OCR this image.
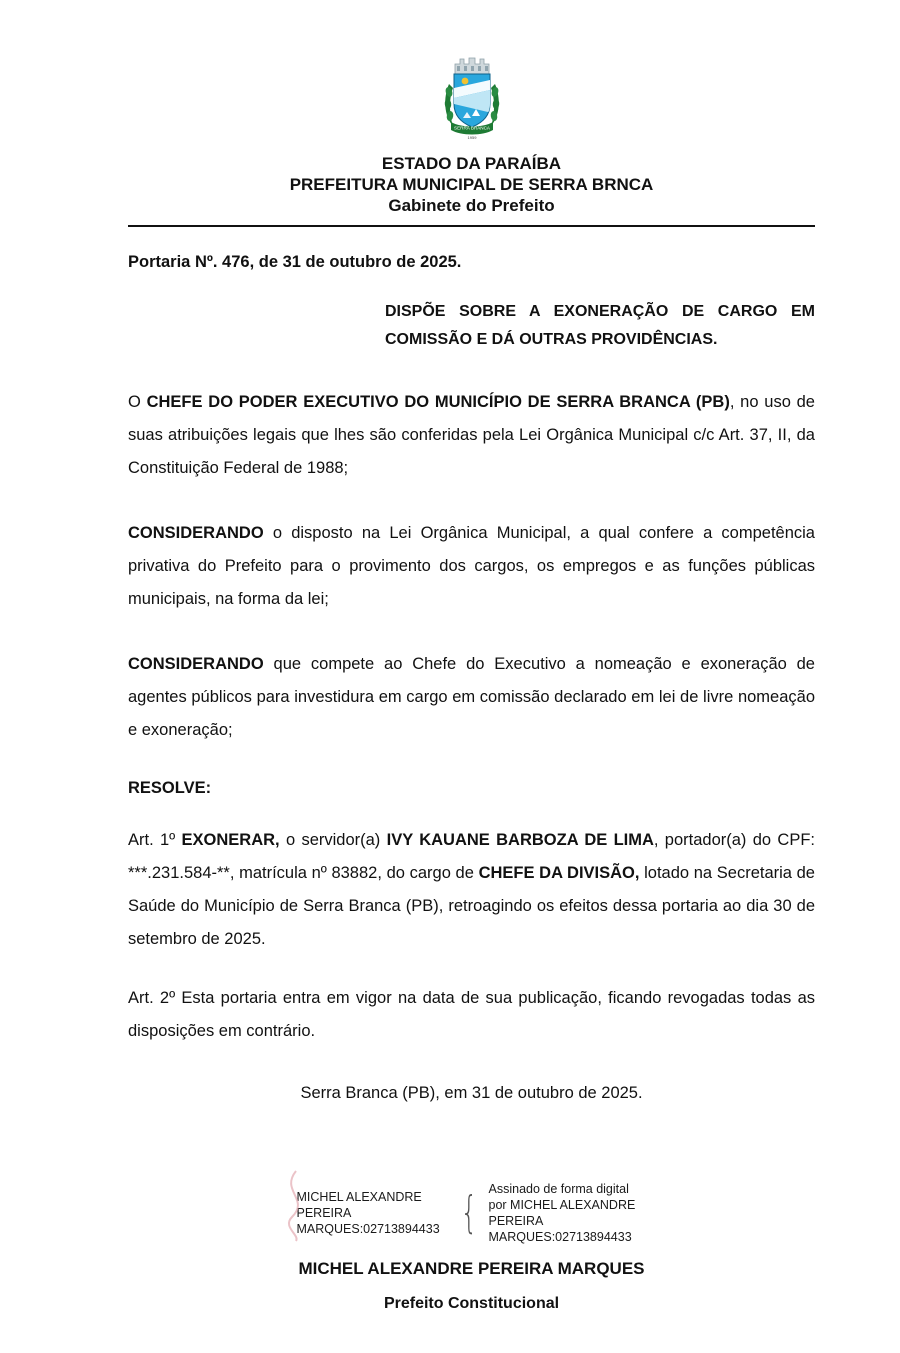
SERRA BRANCA
1959
ESTADO DA PARAÍBA
PREFEITURA MUNICIPAL DE SERRA BRNCA
Gabinete do Prefeito
Portaria Nº. 476, de 31 de outubro de 2025.
DISPÕE SOBRE A EXONERAÇÃO DE CARGO EM COMISSÃO E DÁ OUTRAS PROVIDÊNCIAS.
O CHEFE DO PODER EXECUTIVO DO MUNICÍPIO DE SERRA BRANCA (PB), no uso de suas atribuições legais que lhes são conferidas pela Lei Orgânica Municipal c/c Art. 37, II, da Constituição Federal de 1988;
CONSIDERANDO o disposto na Lei Orgânica Municipal, a qual confere a competência privativa do Prefeito para o provimento dos cargos, os empregos e as funções públicas municipais, na forma da lei;
CONSIDERANDO que compete ao Chefe do Executivo a nomeação e exoneração de agentes públicos para investidura em cargo em comissão declarado em lei de livre nomeação e exoneração;
RESOLVE:
Art. 1º EXONERAR, o servidor(a) IVY KAUANE BARBOZA DE LIMA, portador(a) do CPF: ***.231.584-**, matrícula nº 83882, do cargo de CHEFE DA DIVISÃO, lotado na Secretaria de Saúde do Município de Serra Branca (PB), retroagindo os efeitos dessa portaria ao dia 30 de setembro de 2025.
Art. 2º Esta portaria entra em vigor na data de sua publicação, ficando revogadas todas as disposições em contrário.
Serra Branca (PB), em 31 de outubro de 2025.
MICHEL ALEXANDRE PEREIRA MARQUES:02713894433 { Assinado de forma digital por MICHEL ALEXANDRE PEREIRA MARQUES:02713894433
MICHEL ALEXANDRE PEREIRA MARQUES
Prefeito Constitucional
